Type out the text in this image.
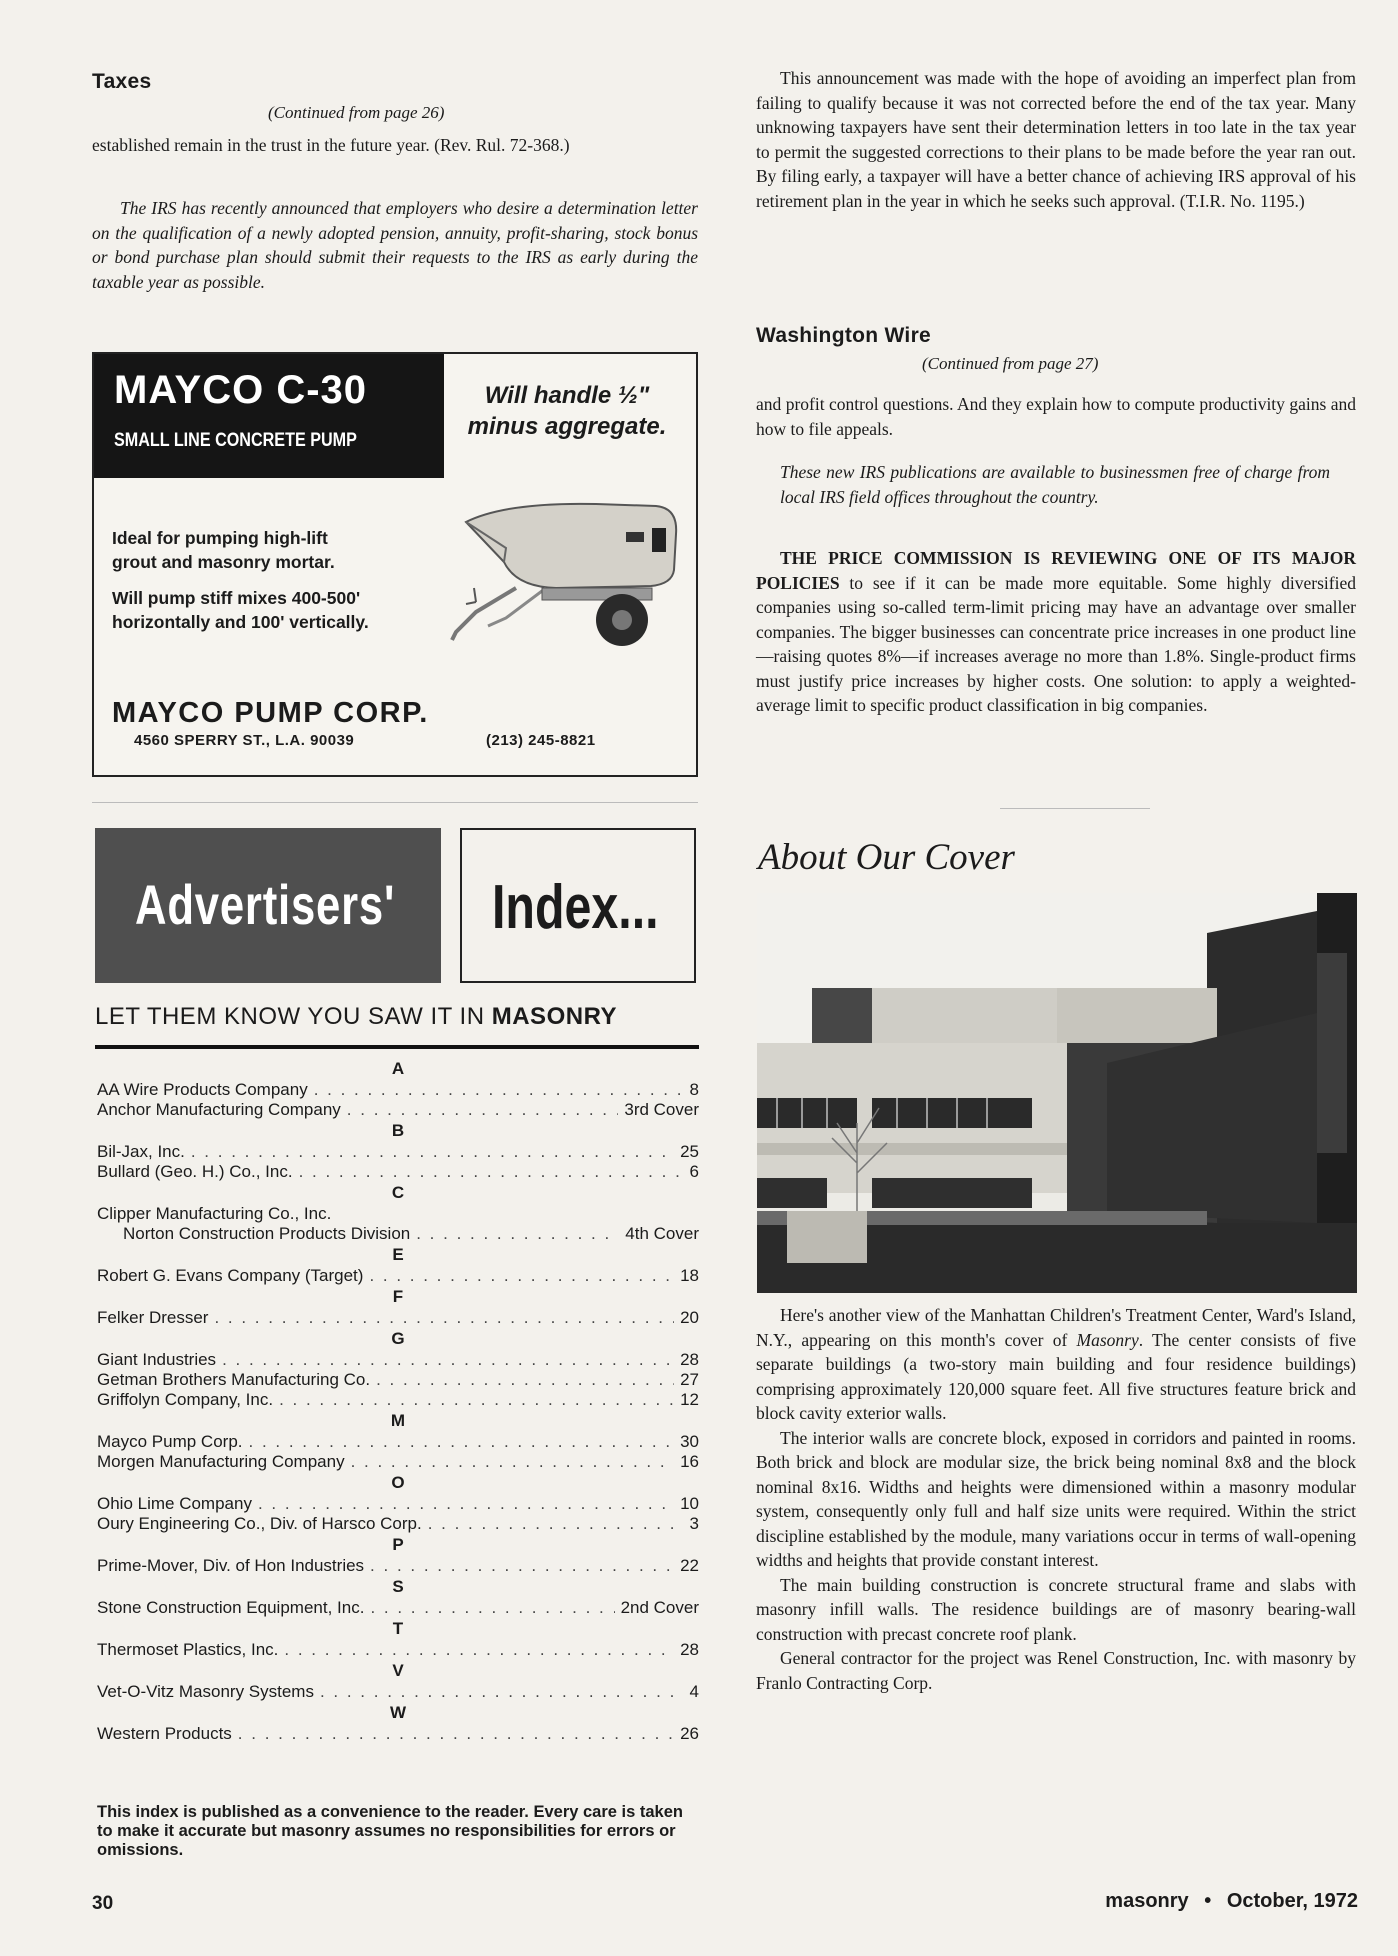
Taxes
(Continued from page 26)

established remain in the trust in the future year. (Rev. Rul. 72-368.)

The IRS has recently announced that employers who desire a determination letter on the qualification of a newly adopted pension, annuity, profit-sharing, stock bonus or bond purchase plan should submit their requests to the IRS as early during the taxable year as possible.

MAYCO C-30
SMALL LINE CONCRETE PUMP
Will handle ½"
minus aggregate.
Ideal for pumping high-lift
grout and masonry mortar.
Will pump stiff mixes 400-500'
horizontally and 100' vertically.
MAYCO PUMP CORP.
4560 SPERRY ST., L.A. 90039	(213) 245-8821
Advertisers' Index...
LET THEM KNOW YOU SAW IT IN MASONRY
A
AA Wire Products Company . . .	8
Anchor Manufacturing Company . . .	3rd Cover
B
Bil-Jax, Inc. . . .	25
Bullard (Geo. H.) Co., Inc. . . .	6
C
Clipper Manufacturing Co., Inc.
Norton Construction Products Division . . .	4th Cover
E
Robert G. Evans Company (Target) . . .	18
F
Felker Dresser . . .	20
G
Giant Industries . . .	28
Getman Brothers Manufacturing Co. . . .	27
Griffolyn Company, Inc. . . .	12
M
Mayco Pump Corp. . . .	30
Morgen Manufacturing Company . . .	16
O
Ohio Lime Company . . .	10
Oury Engineering Co., Div. of Harsco Corp. . . .	3
P
Prime-Mover, Div. of Hon Industries . . .	22
S
Stone Construction Equipment, Inc. . . .	2nd Cover
T
Thermoset Plastics, Inc. . . .	28
V
Vet-O-Vitz Masonry Systems . . .	4
W
Western Products . . .	26
This index is published as a convenience to the reader. Every care is taken to make it accurate but masonry assumes no responsibilities for errors or omissions.

This announcement was made with the hope of avoiding an imperfect plan from failing to qualify because it was not corrected before the end of the tax year. Many unknowing taxpayers have sent their determination letters in too late in the tax year to permit the suggested corrections to their plans to be made before the year ran out. By filing early, a taxpayer will have a better chance of achieving IRS approval of his retirement plan in the year in which he seeks such approval. (T.I.R. No. 1195.)

Washington Wire
(Continued from page 27)

and profit control questions. And they explain how to compute productivity gains and how to file appeals.

These new IRS publications are available to businessmen free of charge from local IRS field offices throughout the country.

THE PRICE COMMISSION IS REVIEWING ONE OF ITS MAJOR POLICIES to see if it can be made more equitable. Some highly diversified companies using so-called term-limit pricing may have an advantage over smaller companies. The bigger businesses can concentrate price increases in one product line—raising quotes 8%—if increases average no more than 1.8%. Single-product firms must justify price increases by higher costs. One solution: to apply a weighted-average limit to specific product classification in big companies.

About Our Cover

Here's another view of the Manhattan Children's Treatment Center, Ward's Island, N.Y., appearing on this month's cover of Masonry. The center consists of five separate buildings (a two-story main building and four residence buildings) comprising approximately 120,000 square feet. All five structures feature brick and block cavity exterior walls.

The interior walls are concrete block, exposed in corridors and painted in rooms. Both brick and block are modular size, the brick being nominal 8x8 and the block nominal 8x16. Widths and heights were dimensioned within a masonry modular system, consequently only full and half size units were required. Within the strict discipline established by the module, many variations occur in terms of wall-opening widths and heights that provide constant interest.

The main building construction is concrete structural frame and slabs with masonry infill walls. The residence buildings are of masonry bearing-wall construction with precast concrete roof plank.

General contractor for the project was Renel Construction, Inc. with masonry by Franlo Contracting Corp.

30	masonry • October, 1972
